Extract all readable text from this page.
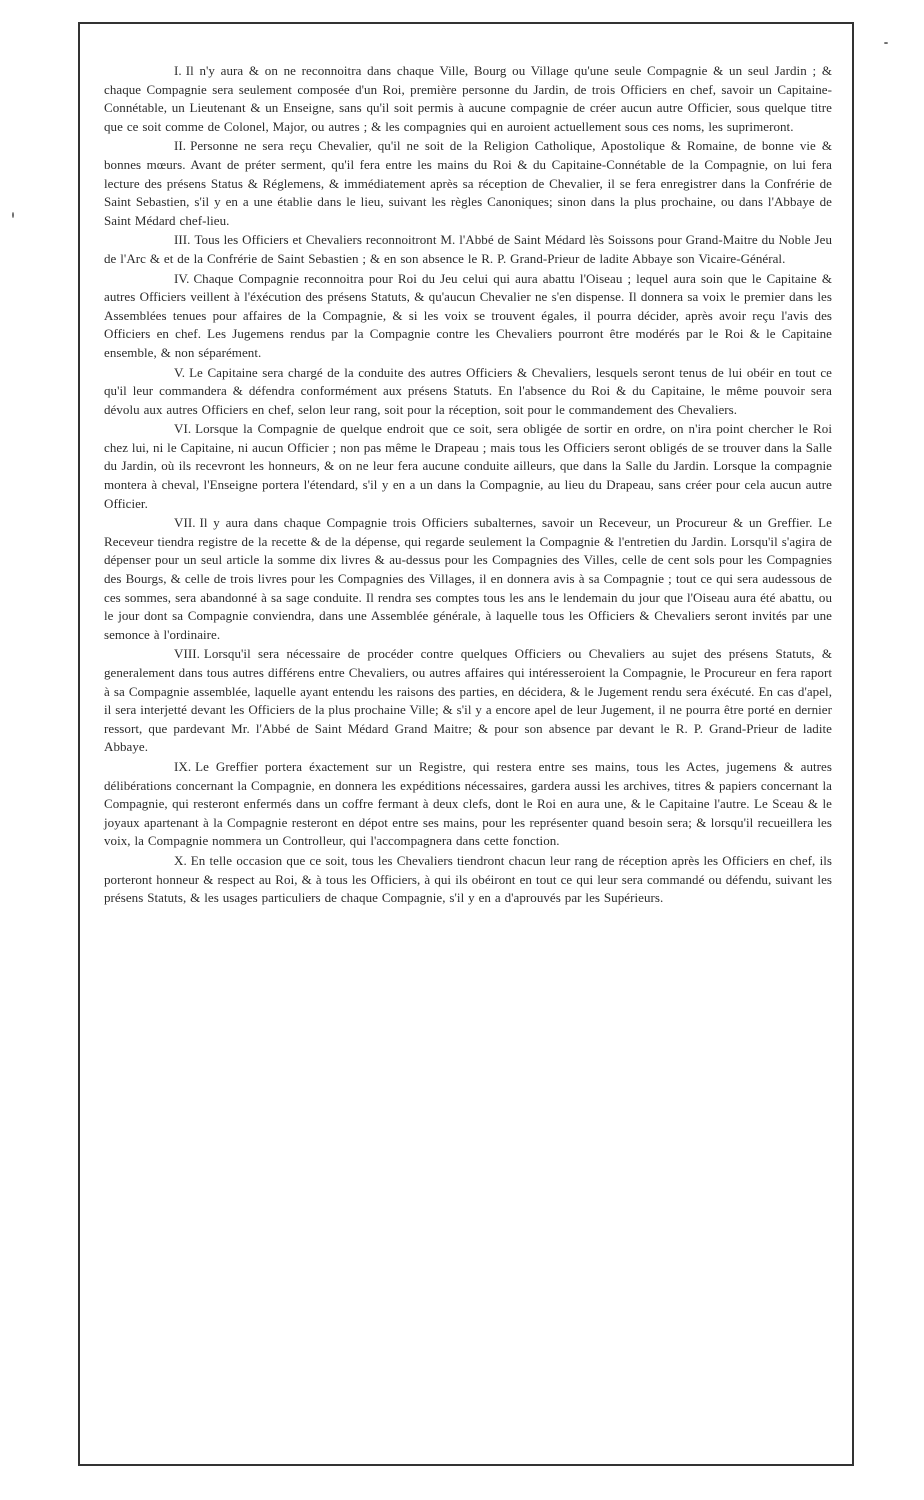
I. Il n'y aura & on ne reconnoitra dans chaque Ville, Bourg ou Village qu'une seule Compagnie & un seul Jardin ; & chaque Compagnie sera seulement composée d'un Roi, première personne du Jardin, de trois Officiers en chef, savoir un Capitaine-Connétable, un Lieutenant & un Enseigne, sans qu'il soit permis à aucune compagnie de créer aucun autre Officier, sous quelque titre que ce soit comme de Colonel, Major, ou autres ; & les compagnies qui en auroient actuellement sous ces noms, les suprimeront.

II. Personne ne sera reçu Chevalier, qu'il ne soit de la Religion Catholique, Apostolique & Romaine, de bonne vie & bonnes mœurs. Avant de préter serment, qu'il fera entre les mains du Roi & du Capitaine-Connétable de la Compagnie, on lui fera lecture des présens Status & Réglemens, & immédiatement après sa réception de Chevalier, il se fera enregistrer dans la Confrérie de Saint Sebastien, s'il y en a une établie dans le lieu, suivant les règles Canoniques; sinon dans la plus prochaine, ou dans l'Abbaye de Saint Médard chef-lieu.

III. Tous les Officiers et Chevaliers reconnoitront M. l'Abbé de Saint Médard lès Soissons pour Grand-Maitre du Noble Jeu de l'Arc & et de la Confrérie de Saint Sebastien ; & en son absence le R. P. Grand-Prieur de ladite Abbaye son Vicaire-Général.

IV. Chaque Compagnie reconnoitra pour Roi du Jeu celui qui aura abattu l'Oiseau ; lequel aura soin que le Capitaine & autres Officiers veillent à l'éxécution des présens Statuts, & qu'aucun Chevalier ne s'en dispense. Il donnera sa voix le premier dans les Assemblées tenues pour affaires de la Compagnie, & si les voix se trouvent égales, il pourra décider, après avoir reçu l'avis des Officiers en chef. Les Jugemens rendus par la Compagnie contre les Chevaliers pourront être modérés par le Roi & le Capitaine ensemble, & non séparément.

V. Le Capitaine sera chargé de la conduite des autres Officiers & Chevaliers, lesquels seront tenus de lui obéir en tout ce qu'il leur commandera & défendra conformément aux présens Statuts. En l'absence du Roi & du Capitaine, le même pouvoir sera dévolu aux autres Officiers en chef, selon leur rang, soit pour la réception, soit pour le commandement des Chevaliers.

VI. Lorsque la Compagnie de quelque endroit que ce soit, sera obligée de sortir en ordre, on n'ira point chercher le Roi chez lui, ni le Capitaine, ni aucun Officier ; non pas même le Drapeau ; mais tous les Officiers seront obligés de se trouver dans la Salle du Jardin, où ils recevront les honneurs, & on ne leur fera aucune conduite ailleurs, que dans la Salle du Jardin. Lorsque la compagnie montera à cheval, l'Enseigne portera l'étendard, s'il y en a un dans la Compagnie, au lieu du Drapeau, sans créer pour cela aucun autre Officier.

VII. Il y aura dans chaque Compagnie trois Officiers subalternes, savoir un Receveur, un Procureur & un Greffier. Le Receveur tiendra registre de la recette & de la dépense, qui regarde seulement la Compagnie & l'entretien du Jardin. Lorsqu'il s'agira de dépenser pour un seul article la somme dix livres & au-dessus pour les Compagnies des Villes, celle de cent sols pour les Compagnies des Bourgs, & celle de trois livres pour les Compagnies des Villages, il en donnera avis à sa Compagnie ; tout ce qui sera audessous de ces sommes, sera abandonné à sa sage conduite. Il rendra ses comptes tous les ans le lendemain du jour que l'Oiseau aura été abattu, ou le jour dont sa Compagnie conviendra, dans une Assemblée générale, à laquelle tous les Officiers & Chevaliers seront invités par une semonce à l'ordinaire.

VIII. Lorsqu'il sera nécessaire de procéder contre quelques Officiers ou Chevaliers au sujet des présens Statuts, & generalement dans tous autres différens entre Chevaliers, ou autres affaires qui intéresseroient la Compagnie, le Procureur en fera raport à sa Compagnie assemblée, laquelle ayant entendu les raisons des parties, en décidera, & le Jugement rendu sera éxécuté. En cas d'apel, il sera interjetté devant les Officiers de la plus prochaine Ville; & s'il y a encore apel de leur Jugement, il ne pourra être porté en dernier ressort, que pardevant Mr. l'Abbé de Saint Médard Grand Maitre; & pour son absence par devant le R. P. Grand-Prieur de ladite Abbaye.

IX. Le Greffier portera éxactement sur un Registre, qui restera entre ses mains, tous les Actes, jugemens & autres délibérations concernant la Compagnie, en donnera les expéditions nécessaires, gardera aussi les archives, titres & papiers concernant la Compagnie, qui resteront enfermés dans un coffre fermant à deux clefs, dont le Roi en aura une, & le Capitaine l'autre. Le Sceau & le joyaux apartenant à la Compagnie resteront en dépot entre ses mains, pour les représenter quand besoin sera; & lorsqu'il recueillera les voix, la Compagnie nommera un Controlleur, qui l'accompagnera dans cette fonction.

X. En telle occasion que ce soit, tous les Chevaliers tiendront chacun leur rang de réception après les Officiers en chef, ils porteront honneur & respect au Roi, & à tous les Officiers, à qui ils obéiront en tout ce qui leur sera commandé ou défendu, suivant les présens Statuts, & les usages particuliers de chaque Compagnie, s'il y en a d'aprouvés par les Supérieurs.
